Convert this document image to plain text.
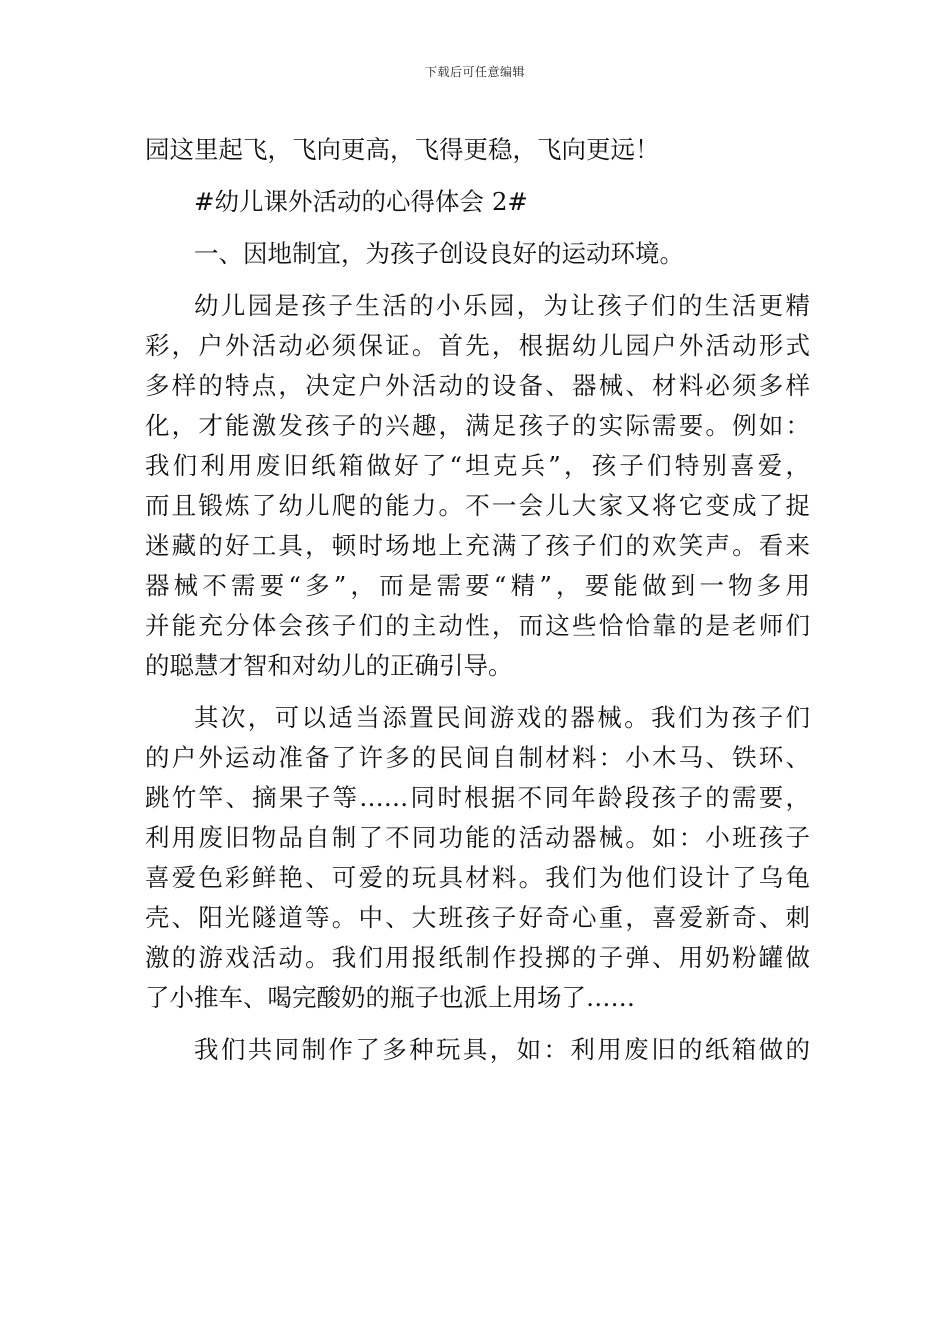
下载后可任意编辑
园这里起飞，飞向更高，飞得更稳，飞向更远！
#幼儿课外活动的心得体会 2#
一、因地制宜，为孩子创设良好的运动环境。
幼儿园是孩子生活的小乐园，为让孩子们的生活更精
彩，户外活动必须保证。首先，根据幼儿园户外活动形式
多样的特点，决定户外活动的设备、器械、材料必须多样
化，才能激发孩子的兴趣，满足孩子的实际需要。例如：
我们利用废旧纸箱做好了“坦克兵”，孩子们特别喜爱，
而且锻炼了幼儿爬的能力。不一会儿大家又将它变成了捉
迷藏的好工具，顿时场地上充满了孩子们的欢笑声。看来
器械不需要“多”，而是需要“精”，要能做到一物多用
并能充分体会孩子们的主动性，而这些恰恰靠的是老师们
的聪慧才智和对幼儿的正确引导。
其次，可以适当添置民间游戏的器械。我们为孩子们
的户外运动准备了许多的民间自制材料：小木马、铁环、
跳竹竿、摘果子等……同时根据不同年龄段孩子的需要，
利用废旧物品自制了不同功能的活动器械。如：小班孩子
喜爱色彩鲜艳、可爱的玩具材料。我们为他们设计了乌龟
壳、阳光隧道等。中、大班孩子好奇心重，喜爱新奇、刺
激的游戏活动。我们用报纸制作投掷的子弹、用奶粉罐做
了小推车、喝完酸奶的瓶子也派上用场了……
我们共同制作了多种玩具，如：利用废旧的纸箱做的
